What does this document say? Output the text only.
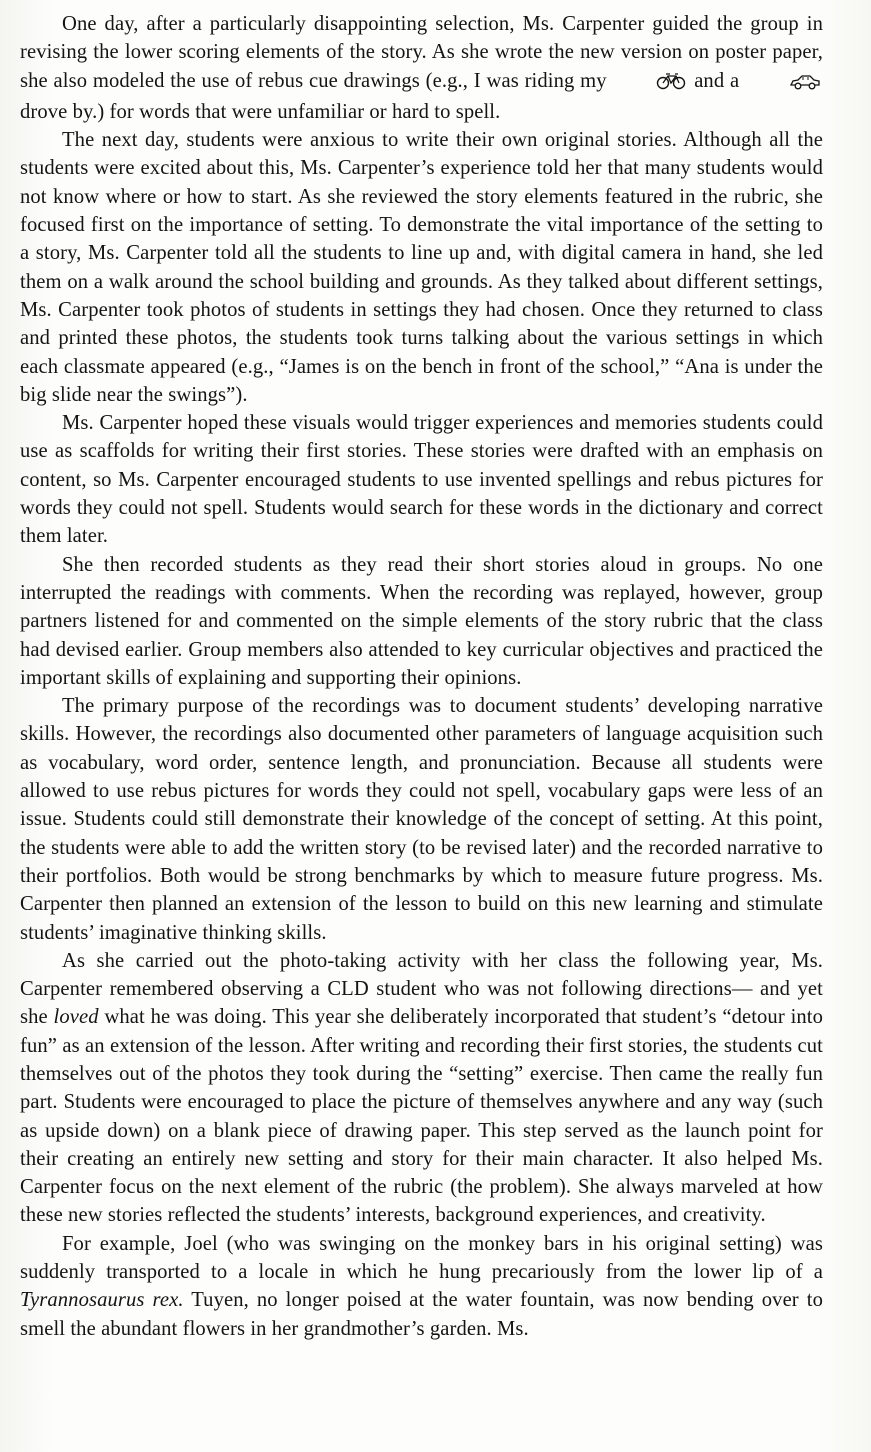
One day, after a particularly disappointing selection, Ms. Carpenter guided the group in revising the lower scoring elements of the story. As she wrote the new version on poster paper, she also modeled the use of rebus cue drawings (e.g., I was riding my	and a  drove by.) for words that were unfamiliar or hard to spell.

The next day, students were anxious to write their own original stories. Although all the students were excited about this, Ms. Carpenter’s experience told her that many students would not know where or how to start. As she reviewed the story elements featured in the rubric, she focused first on the importance of setting. To demonstrate the vital importance of the setting to a story, Ms. Carpenter told all the students to line up and, with digital camera in hand, she led them on a walk around the school building and grounds. As they talked about different settings, Ms. Carpenter took photos of students in settings they had chosen. Once they returned to class and printed these photos, the students took turns talking about the various settings in which each classmate appeared (e.g., “James is on the bench in front of the school,” “Ana is under the big slide near the swings”).

Ms. Carpenter hoped these visuals would trigger experiences and memories students could use as scaffolds for writing their first stories. These stories were drafted with an emphasis on content, so Ms. Carpenter encouraged students to use invented spellings and rebus pictures for words they could not spell. Students would search for these words in the dictionary and correct them later.

She then recorded students as they read their short stories aloud in groups. No one interrupted the readings with comments. When the recording was replayed, however, group partners listened for and commented on the simple elements of the story rubric that the class had devised earlier. Group members also attended to key curricular objectives and practiced the important skills of explaining and supporting their opinions.

The primary purpose of the recordings was to document students’ developing narrative skills. However, the recordings also documented other parameters of language acquisition such as vocabulary, word order, sentence length, and pronunciation. Because all students were allowed to use rebus pictures for words they could not spell, vocabulary gaps were less of an issue. Students could still demonstrate their knowledge of the concept of setting. At this point, the students were able to add the written story (to be revised later) and the recorded narrative to their portfolios. Both would be strong benchmarks by which to measure future progress. Ms. Carpenter then planned an extension of the lesson to build on this new learning and stimulate students’ imaginative thinking skills.

As she carried out the photo-taking activity with her class the following year, Ms. Carpenter remembered observing a CLD student who was not following directions— and yet she loved what he was doing. This year she deliberately incorporated that student’s “detour into fun” as an extension of the lesson. After writing and recording their first stories, the students cut themselves out of the photos they took during the “setting” exercise. Then came the really fun part. Students were encouraged to place the picture of themselves anywhere and any way (such as upside down) on a blank piece of drawing paper. This step served as the launch point for their creating an entirely new setting and story for their main character. It also helped Ms. Carpenter focus on the next element of the rubric (the problem). She always marveled at how these new stories reflected the students’ interests, background experiences, and creativity.

For example, Joel (who was swinging on the monkey bars in his original setting) was suddenly transported to a locale in which he hung precariously from the lower lip of a Tyrannosaurus rex. Tuyen, no longer poised at the water fountain, was now bending over to smell the abundant flowers in her grandmother’s garden. Ms.
